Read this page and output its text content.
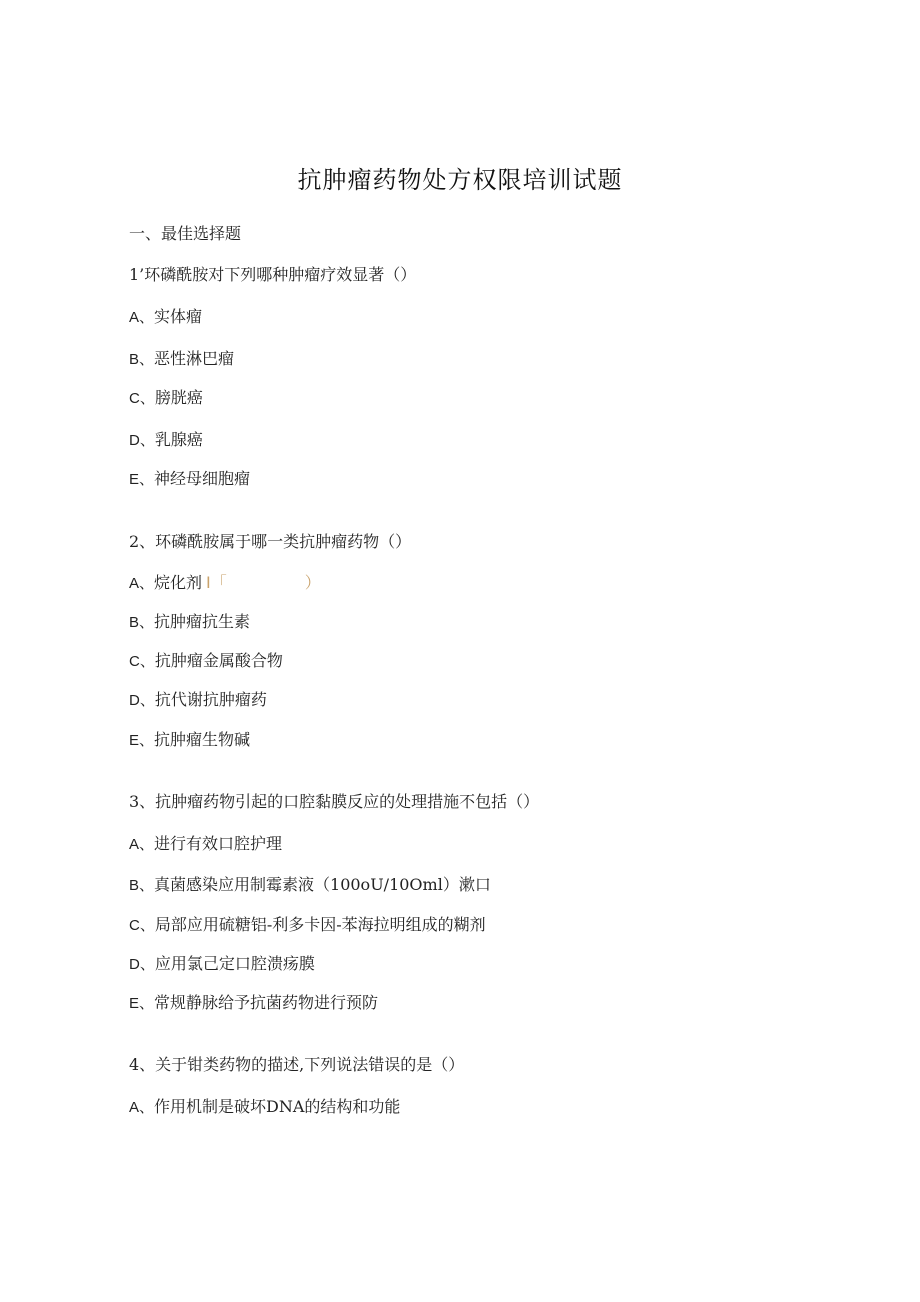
抗肿瘤药物处方权限培训试题
一、最佳选择题
1’环磷酰胺对下列哪种肿瘤疗效显著（）
A、实体瘤
B、恶性淋巴瘤
C、膀胱癌
D、乳腺癌
E、神经母细胞瘤
2、环磷酰胺属于哪一类抗肿瘤药物（）
A、烷化剂 I「	）
B、抗肿瘤抗生素
C、抗肿瘤金属酸合物
D、抗代谢抗肿瘤药
E、抗肿瘤生物碱
3、抗肿瘤药物引起的口腔黏膜反应的处理措施不包括（）
A、进行有效口腔护理
B、真菌感染应用制霉素液（100oU/10Oml）漱口
C、局部应用硫糖铝-利多卡因-苯海拉明组成的糊剂
D、应用氯己定口腔溃疡膜
E、常规静脉给予抗菌药物进行预防
4、关于钳类药物的描述,下列说法错误的是（）
A、作用机制是破坏DNA的结构和功能
